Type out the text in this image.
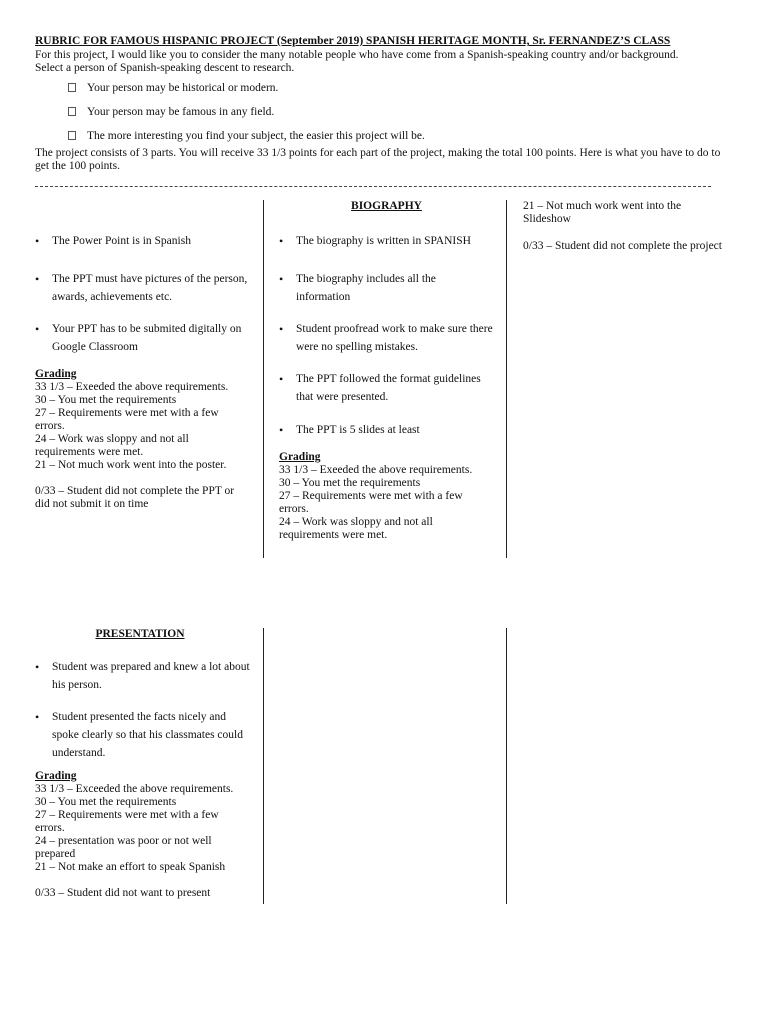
RUBRIC FOR FAMOUS HISPANIC PROJECT (September 2019) SPANISH HERITAGE MONTH, Sr. FERNANDEZ’S CLASS
For this project, I would like you to consider the many notable people who have come from a Spanish-speaking country and/or background.
Select a person of Spanish-speaking descent to research.
Your person may be historical or modern.
Your person may be famous in any field.
The more interesting you find your subject, the easier this project will be.
The project consists of 3 parts. You will receive 33 1/3 points for each part of the project, making the total 100 points. Here is what you have to do to
get the 100 points.
• The Power Point is in Spanish
• The PPT must have pictures of the person, awards, achievements etc.
• Your PPT has to be submited digitally on Google Classroom
Grading
33 1/3 – Exeeded the above requirements.
30 – You met the requirements
27 – Requirements were met with a few errors.
24 – Work was sloppy and not all requirements were met.
21 – Not much work went into the poster.
0/33 – Student did not complete the PPT or did not submit it on time
BIOGRAPHY
• The biography is written in SPANISH
• The biography includes all the information
• Student proofread work to make sure there were no spelling mistakes.
• The PPT followed the format guidelines that were presented.
• The PPT is 5 slides at least
Grading
33 1/3 – Exeeded the above requirements.
30 – You met the requirements
27 – Requirements were met with a few errors.
24 – Work was sloppy and not all requirements were met.
21 – Not much work went into the Slideshow
0/33 – Student did not complete the project
PRESENTATION
• Student was prepared and knew a lot about his person.
• Student presented the facts nicely and spoke clearly so that his classmates could understand.
Grading
33 1/3 – Exceeded the above requirements.
30 – You met the requirements
27 – Requirements were met with a few errors.
24 – presentation was poor or not well prepared
21 – Not make an effort to speak Spanish
0/33 – Student did not want to present
